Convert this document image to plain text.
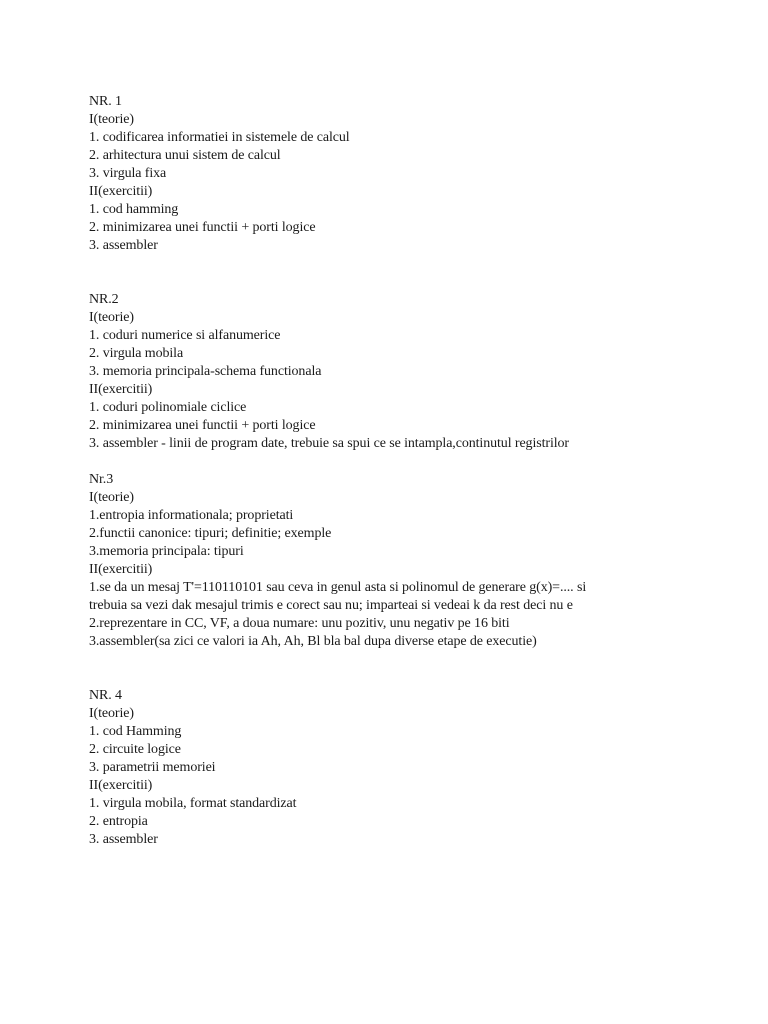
NR. 1
I(teorie)
1. codificarea informatiei in sistemele de calcul
2. arhitectura unui sistem de calcul
3. virgula fixa
II(exercitii)
1. cod hamming
2. minimizarea unei functii + porti logice
3. assembler
NR.2
I(teorie)
1. coduri numerice si alfanumerice
2. virgula mobila
3. memoria principala-schema functionala
II(exercitii)
1. coduri polinomiale ciclice
2. minimizarea unei functii + porti logice
3. assembler - linii de program date, trebuie sa spui ce se intampla,continutul registrilor
Nr.3
I(teorie)
1.entropia informationala; proprietati
2.functii canonice: tipuri; definitie; exemple
3.memoria principala: tipuri
II(exercitii)
1.se da un mesaj T'=110110101 sau ceva in genul asta si polinomul de generare g(x)=.... si
trebuia sa vezi dak mesajul trimis e corect sau nu; imparteai si vedeai k da rest deci nu e
2.reprezentare in CC, VF, a doua numare: unu pozitiv, unu negativ pe 16 biti
3.assembler(sa zici ce valori ia Ah, Ah, Bl bla bal dupa diverse etape de executie)
NR. 4
I(teorie)
1. cod Hamming
2. circuite logice
3. parametrii memoriei
II(exercitii)
1. virgula mobila, format standardizat
2. entropia
3. assembler
